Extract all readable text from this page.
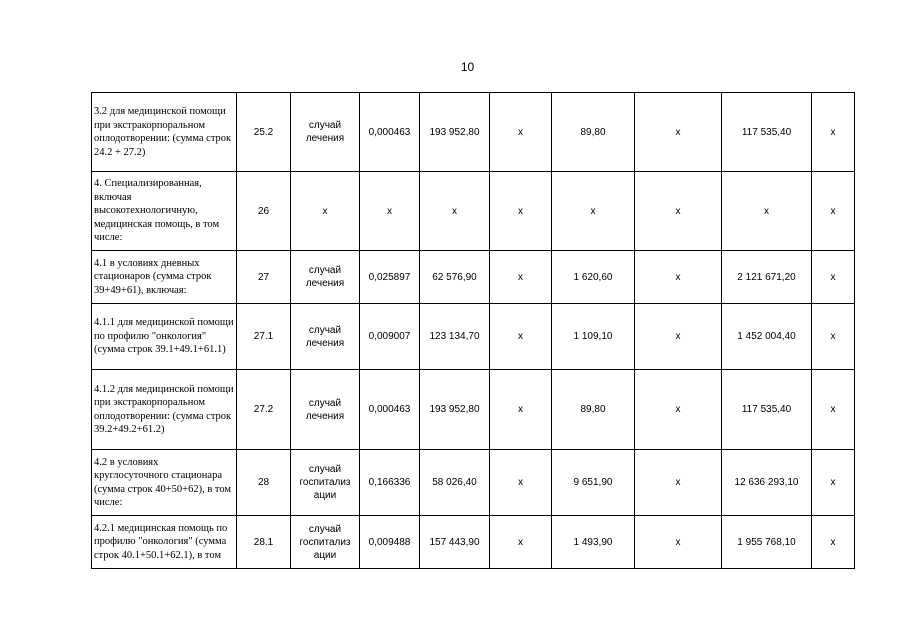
10
3.2 для медицинской помощи при экстракорпоральном оплодотворении: (сумма строк 24.2 + 27.2)	25.2	случай лечения	0,000463	193 952,80	х	89,80	х	117 535,40	х
4. Специализированная, включая высокотехнологичную, медицинская помощь, в том числе:	26	х	х	х	х	х	х	х	х
4.1 в условиях дневных стационаров (сумма строк 39+49+61), включая:	27	случай лечения	0,025897	62 576,90	х	1 620,60	х	2 121 671,20	х
4.1.1 для медицинской помощи по профилю "онкология" (сумма строк 39.1+49.1+61.1)	27.1	случай лечения	0,009007	123 134,70	х	1 109,10	х	1 452 004,40	х
4.1.2 для медицинской помощи при экстракорпоральном оплодотворении: (сумма строк 39.2+49.2+61.2)	27.2	случай лечения	0,000463	193 952,80	х	89,80	х	117 535,40	х
4.2 в условиях круглосуточного стационара (сумма строк 40+50+62), в том числе:	28	случай госпитализ ации	0,166336	58 026,40	х	9 651,90	х	12 636 293,10	х
4.2.1 медицинская помощь по профилю "онкология" (сумма строк 40.1+50.1+62.1), в том	28.1	случай госпитализ ации	0,009488	157 443,90	х	1 493,90	х	1 955 768,10	х
